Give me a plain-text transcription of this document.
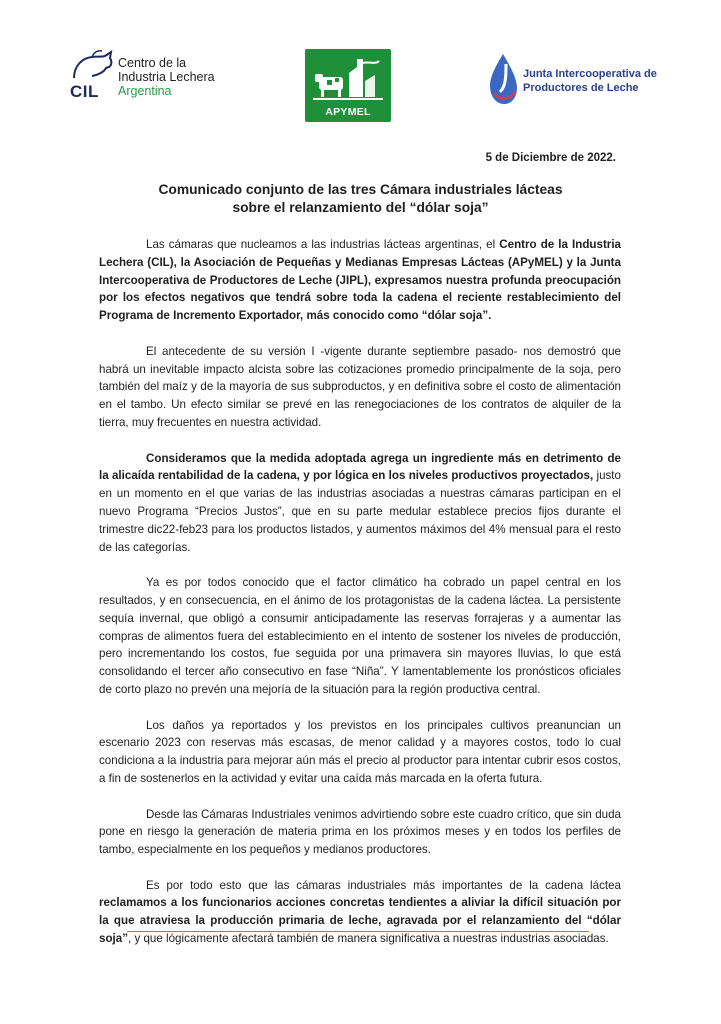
Centro de la
Industria Lechera
Argentina
CIL
APYMEL
Junta Intercooperativa de
Productores de Leche
5 de Diciembre de 2022.
Comunicado conjunto de las tres Cámara industriales lácteas
sobre el relanzamiento del “dólar soja”

Las cámaras que nucleamos a las industrias lácteas argentinas, el Centro de la Industria Lechera (CIL), la Asociación de Pequeñas y Medianas Empresas Lácteas (APyMEL) y la Junta Intercooperativa de Productores de Leche (JIPL), expresamos nuestra profunda preocupación por los efectos negativos que tendrá sobre toda la cadena el reciente restablecimiento del Programa de Incremento Exportador, más conocido como “dólar soja”.

El antecedente de su versión I -vigente durante septiembre pasado- nos demostró que habrá un inevitable impacto alcista sobre las cotizaciones promedio principalmente de la soja, pero también del maíz y de la mayoría de sus subproductos, y en definitiva sobre el costo de alimentación en el tambo. Un efecto similar se prevé en las renegociaciones de los contratos de alquiler de la tierra, muy frecuentes en nuestra actividad.

Consideramos que la medida adoptada agrega un ingrediente más en detrimento de la alicaída rentabilidad de la cadena, y por lógica en los niveles productivos proyectados, justo en un momento en el que varias de las industrias asociadas a nuestras cámaras participan en el nuevo Programa “Precios Justos”, que en su parte medular establece precios fijos durante el trimestre dic22-feb23 para los productos listados, y aumentos máximos del 4% mensual para el resto de las categorías.

Ya es por todos conocido que el factor climático ha cobrado un papel central en los resultados, y en consecuencia, en el ánimo de los protagonistas de la cadena láctea. La persistente sequía invernal, que obligó a consumir anticipadamente las reservas forrajeras y a aumentar las compras de alimentos fuera del establecimiento en el intento de sostener los niveles de producción, pero incrementando los costos, fue seguida por una primavera sin mayores lluvias, lo que está consolidando el tercer año consecutivo en fase “Niña”. Y lamentablemente los pronósticos oficiales de corto plazo no prevén una mejoría de la situación para la región productiva central.

Los daños ya reportados y los previstos en los principales cultivos preanuncian un escenario 2023 con reservas más escasas, de menor calidad y a mayores costos, todo lo cual condiciona a la industria para mejorar aún más el precio al productor para intentar cubrir esos costos, a fin de sostenerlos en la actividad y evitar una caída más marcada en la oferta futura.

Desde las Cámaras Industriales venimos advirtiendo sobre este cuadro crítico, que sin duda pone en riesgo la generación de materia prima en los próximos meses y en todos los perfiles de tambo, especialmente en los pequeños y medianos productores.

Es por todo esto que las cámaras industriales más importantes de la cadena láctea reclamamos a los funcionarios acciones concretas tendientes a aliviar la difícil situación por la que atraviesa la producción primaria de leche, agravada por el relanzamiento del “dólar soja”, y que lógicamente afectará también de manera significativa a nuestras industrias asociadas.
